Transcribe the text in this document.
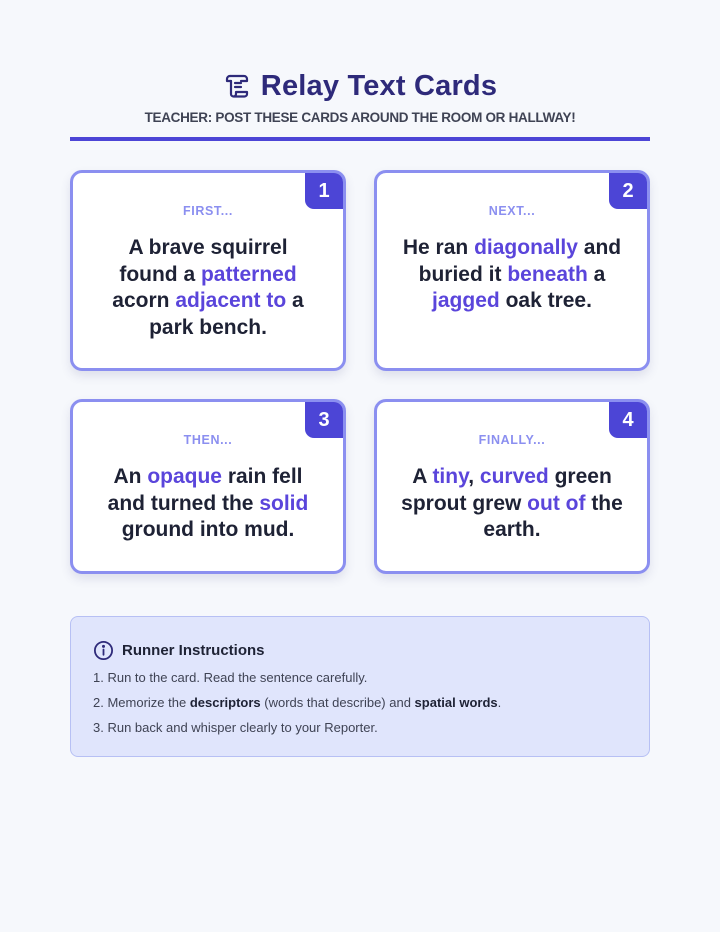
Relay Text Cards
TEACHER: POST THESE CARDS AROUND THE ROOM OR HALLWAY!
1
FIRST...
A brave squirrel found a patterned acorn adjacent to a park bench.
2
NEXT...
He ran diagonally and buried it beneath a jagged oak tree.
3
THEN...
An opaque rain fell and turned the solid ground into mud.
4
FINALLY...
A tiny, curved green sprout grew out of the earth.
Runner Instructions
1. Run to the card. Read the sentence carefully.
2. Memorize the descriptors (words that describe) and spatial words.
3. Run back and whisper clearly to your Reporter.
